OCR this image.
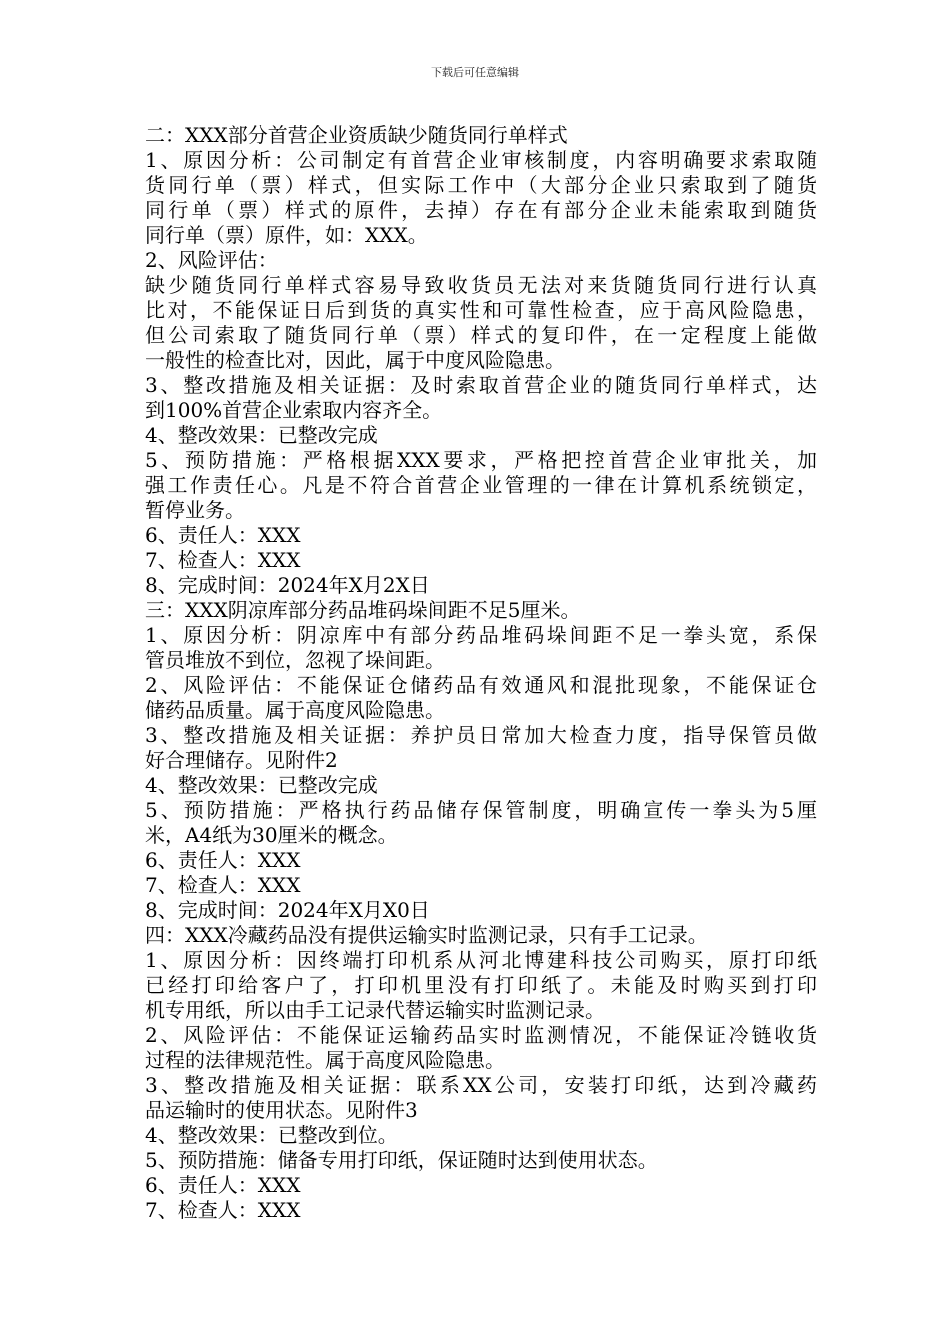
下载后可任意编辑
二：XXX部分首营企业资质缺少随货同行单样式
1、原因分析：公司制定有首营企业审核制度，内容明确要求索取随
货同行单（票）样式，但实际工作中（大部分企业只索取到了随货
同行单（票）样式的原件，去掉）存在有部分企业未能索取到随货
同行单（票）原件，如：XXX。
2、风险评估：
缺少随货同行单样式容易导致收货员无法对来货随货同行进行认真
比对，不能保证日后到货的真实性和可靠性检查，应于高风险隐患，
但公司索取了随货同行单（票）样式的复印件，在一定程度上能做
一般性的检查比对，因此，属于中度风险隐患。
3、整改措施及相关证据：及时索取首营企业的随货同行单样式，达
到100%首营企业索取内容齐全。
4、整改效果：已整改完成
5、预防措施：严格根据XXX要求，严格把控首营企业审批关，加
强工作责任心。凡是不符合首营企业管理的一律在计算机系统锁定，
暂停业务。
6、责任人：XXX
7、检查人：XXX
8、完成时间：2024年X月2X日
三：XXX阴凉库部分药品堆码垛间距不足5厘米。
1、原因分析：阴凉库中有部分药品堆码垛间距不足一拳头宽，系保
管员堆放不到位，忽视了垛间距。
2、风险评估：不能保证仓储药品有效通风和混批现象，不能保证仓
储药品质量。属于高度风险隐患。
3、整改措施及相关证据：养护员日常加大检查力度，指导保管员做
好合理储存。见附件2
4、整改效果：已整改完成
5、预防措施：严格执行药品储存保管制度，明确宣传一拳头为5厘
米，A4纸为30厘米的概念。
6、责任人：XXX
7、检查人：XXX
8、完成时间：2024年X月X0日
四：XXX冷藏药品没有提供运输实时监测记录，只有手工记录。
1、原因分析：因终端打印机系从河北博建科技公司购买，原打印纸
已经打印给客户了，打印机里没有打印纸了。未能及时购买到打印
机专用纸，所以由手工记录代替运输实时监测记录。
2、风险评估：不能保证运输药品实时监测情况，不能保证冷链收货
过程的法律规范性。属于高度风险隐患。
3、整改措施及相关证据：联系XX公司，安装打印纸，达到冷藏药
品运输时的使用状态。见附件3
4、整改效果：已整改到位。
5、预防措施：储备专用打印纸，保证随时达到使用状态。
6、责任人：XXX
7、检查人：XXX
